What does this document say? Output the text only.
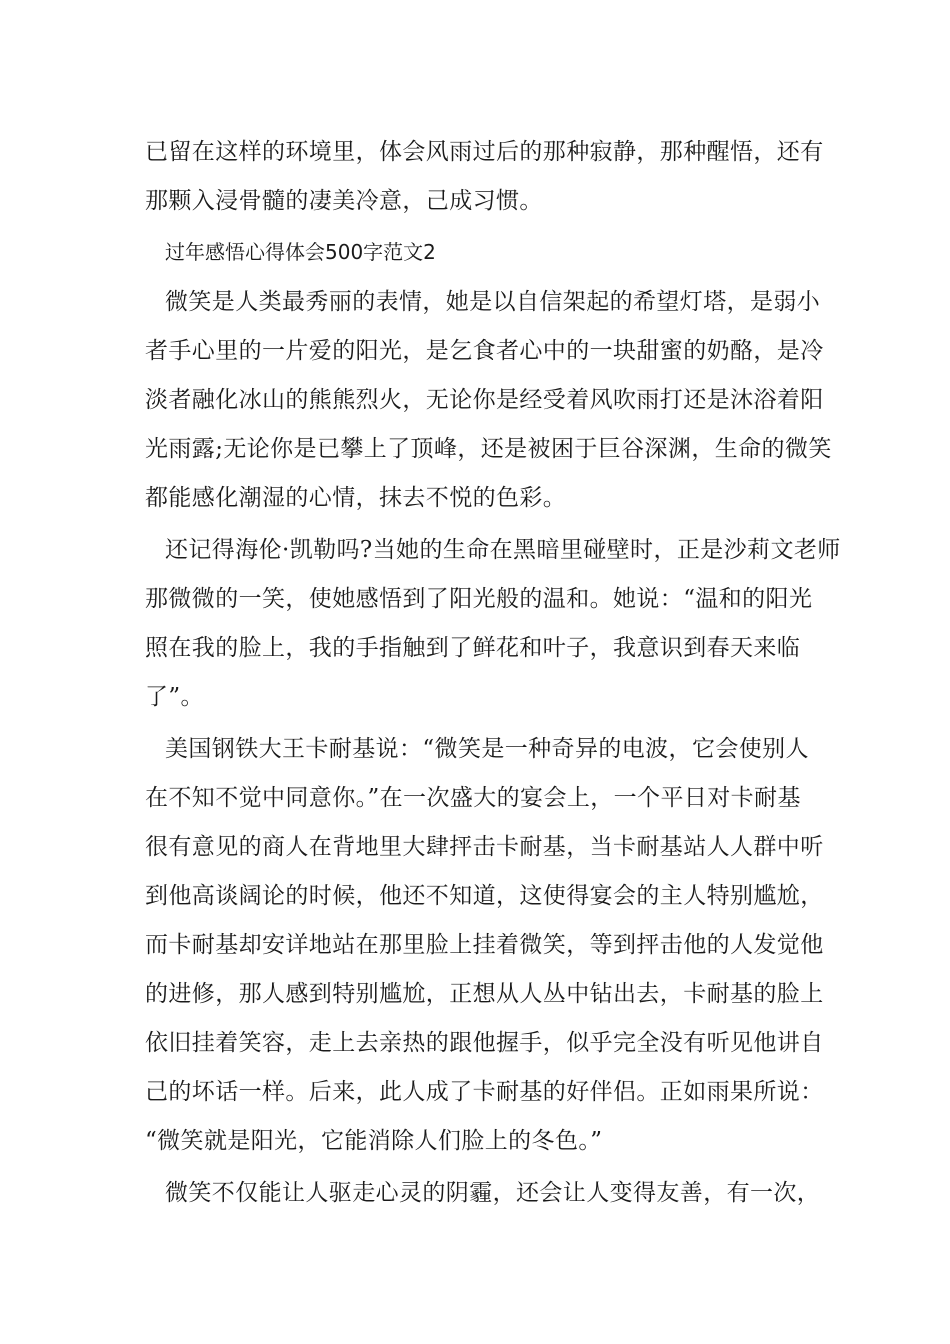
已留在这样的环境里，体会风雨过后的那种寂静，那种醒悟，还有
那颗入浸骨髓的凄美冷意，己成习惯。
过年感悟心得体会500字范文2
微笑是人类最秀丽的表情，她是以自信架起的希望灯塔，是弱小
者手心里的一片爱的阳光，是乞食者心中的一块甜蜜的奶酪，是冷
淡者融化冰山的熊熊烈火，无论你是经受着风吹雨打还是沐浴着阳
光雨露;无论你是已攀上了顶峰，还是被困于巨谷深渊，生命的微笑
都能感化潮湿的心情，抹去不悦的色彩。
还记得海伦·凯勒吗?当她的生命在黑暗里碰壁时，正是沙莉文老师
那微微的一笑，使她感悟到了阳光般的温和。她说：“温和的阳光
照在我的脸上，我的手指触到了鲜花和叶子，我意识到春天来临
了”。
美国钢铁大王卡耐基说：“微笑是一种奇异的电波，它会使别人
在不知不觉中同意你。”在一次盛大的宴会上，一个平日对卡耐基
很有意见的商人在背地里大肆抨击卡耐基，当卡耐基站人人群中听
到他高谈阔论的时候，他还不知道，这使得宴会的主人特别尴尬，
而卡耐基却安详地站在那里脸上挂着微笑，等到抨击他的人发觉他
的进修，那人感到特别尴尬，正想从人丛中钻出去，卡耐基的脸上
依旧挂着笑容，走上去亲热的跟他握手，似乎完全没有听见他讲自
己的坏话一样。后来，此人成了卡耐基的好伴侣。正如雨果所说：
“微笑就是阳光，它能消除人们脸上的冬色。”
微笑不仅能让人驱走心灵的阴霾，还会让人变得友善，有一次，
